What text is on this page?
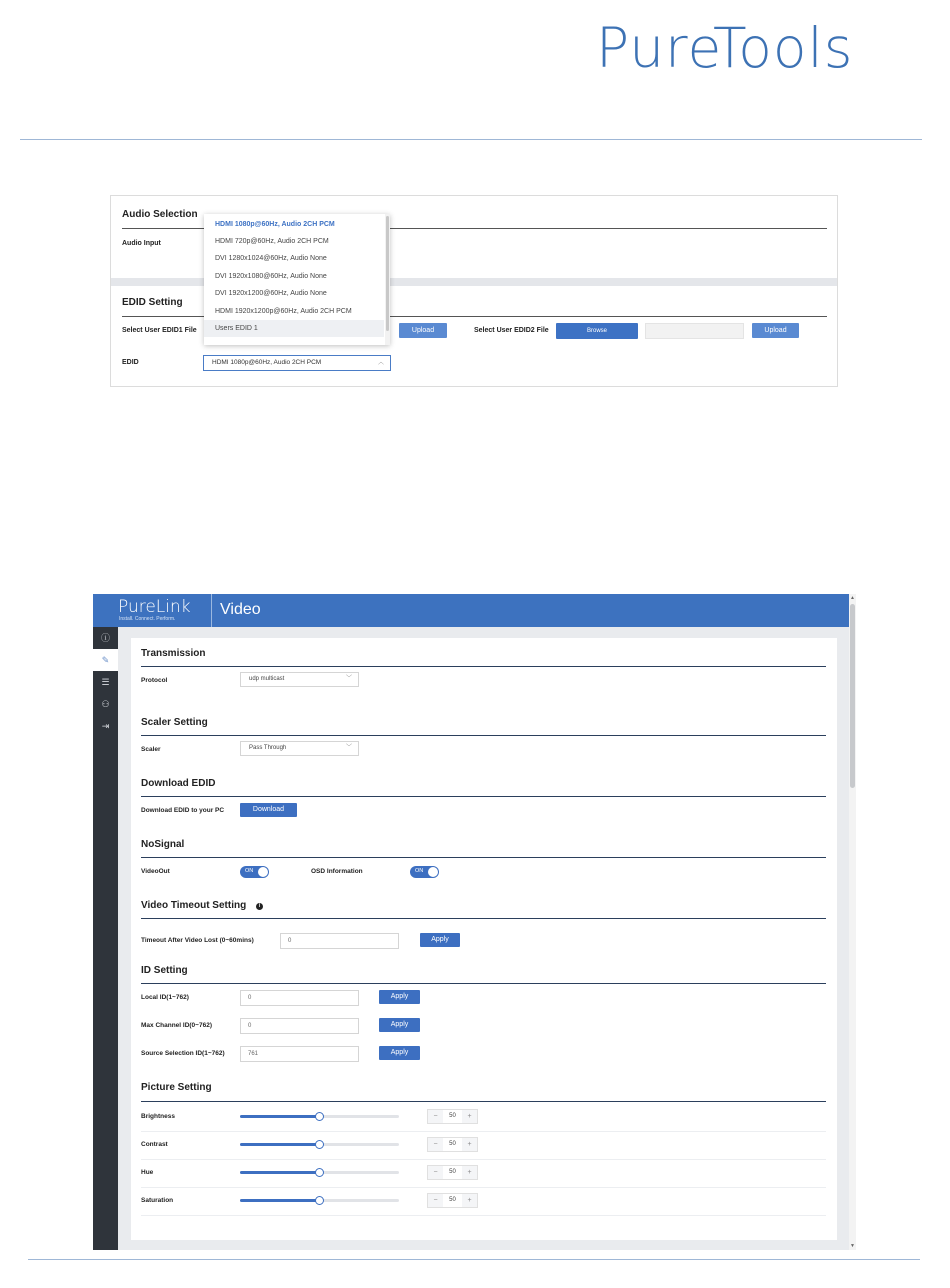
PureTools
Audio Selection
Audio Input
EDID Setting
Select User EDID1 File	Upload	Select User EDID2 File	Browse	Upload
EDID	HDMI 1080p@60Hz, Audio 2CH PCM	︿
HDMI 1080p@60Hz, Audio 2CH PCM
HDMI 720p@60Hz, Audio 2CH PCM
DVI 1280x1024@60Hz, Audio None
DVI 1920x1080@60Hz, Audio None
DVI 1920x1200@60Hz, Audio None
HDMI 1920x1200p@60Hz, Audio 2CH PCM
Users EDID 1
PureLink
Install. Connect. Perform.
Video
ⓘ
✎
☰
⚇
⇥
Transmission
Protocol	udp multicast	﹀
Scaler Setting
Scaler	Pass Through	﹀
Download EDID
Download EDID to your PC	Download
NoSignal
VideoOut	ON	OSD Information	ON
Video Timeout Setting	i
Timeout After Video Lost (0~60mins)	0	Apply
ID Setting
Local ID(1~762)	0	Apply
Max Channel ID(0~762)	0	Apply
Source Selection ID(1~762)	761	Apply
Picture Setting
Brightness	−	50	+
Contrast	−	50	+
Hue	−	50	+
Saturation	−	50	+
▲
▼
